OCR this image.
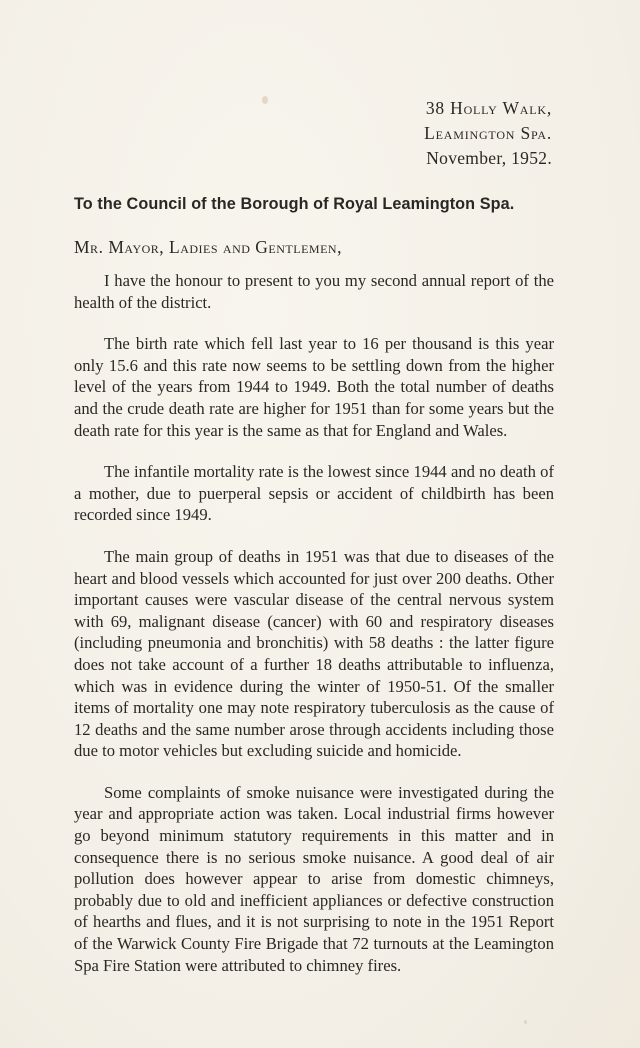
38 Holly Walk,
Leamington Spa.
November, 1952.
To the Council of the Borough of Royal Leamington Spa.
Mr. Mayor, Ladies and Gentlemen,

I have the honour to present to you my second annual report of the health of the district.

The birth rate which fell last year to 16 per thousand is this year only 15.6 and this rate now seems to be settling down from the higher level of the years from 1944 to 1949. Both the total number of deaths and the crude death rate are higher for 1951 than for some years but the death rate for this year is the same as that for England and Wales.

The infantile mortality rate is the lowest since 1944 and no death of a mother, due to puerperal sepsis or accident of childbirth has been recorded since 1949.

The main group of deaths in 1951 was that due to diseases of the heart and blood vessels which accounted for just over 200 deaths. Other important causes were vascular disease of the central nervous system with 69, malignant disease (cancer) with 60 and respiratory diseases (including pneumonia and bronchitis) with 58 deaths : the latter figure does not take account of a further 18 deaths attributable to influenza, which was in evidence during the winter of 1950-51. Of the smaller items of mortality one may note respiratory tuberculosis as the cause of 12 deaths and the same number arose through accidents including those due to motor vehicles but excluding suicide and homicide.

Some complaints of smoke nuisance were investigated during the year and appropriate action was taken. Local industrial firms however go beyond minimum statutory requirements in this matter and in consequence there is no serious smoke nuisance. A good deal of air pollution does however appear to arise from domestic chimneys, probably due to old and inefficient appliances or defective construction of hearths and flues, and it is not surprising to note in the 1951 Report of the Warwick County Fire Brigade that 72 turnouts at the Leamington Spa Fire Station were attributed to chimney fires.
